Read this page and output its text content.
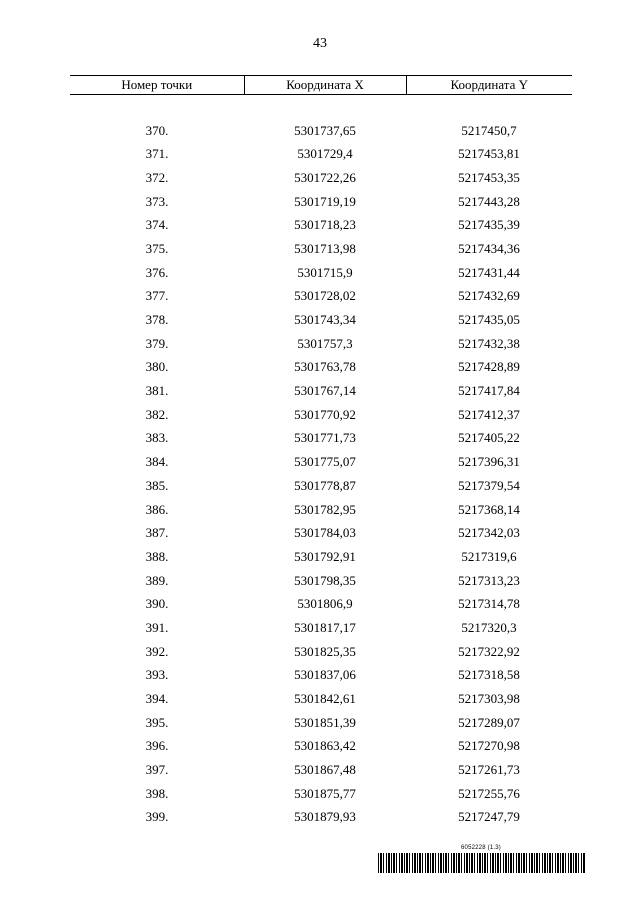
43
Номер точки	Координата X	Координата Y

370.	5301737,65	5217450,7
371.	5301729,4	5217453,81
372.	5301722,26	5217453,35
373.	5301719,19	5217443,28
374.	5301718,23	5217435,39
375.	5301713,98	5217434,36
376.	5301715,9	5217431,44
377.	5301728,02	5217432,69
378.	5301743,34	5217435,05
379.	5301757,3	5217432,38
380.	5301763,78	5217428,89
381.	5301767,14	5217417,84
382.	5301770,92	5217412,37
383.	5301771,73	5217405,22
384.	5301775,07	5217396,31
385.	5301778,87	5217379,54
386.	5301782,95	5217368,14
387.	5301784,03	5217342,03
388.	5301792,91	5217319,6
389.	5301798,35	5217313,23
390.	5301806,9	5217314,78
391.	5301817,17	5217320,3
392.	5301825,35	5217322,92
393.	5301837,06	5217318,58
394.	5301842,61	5217303,98
395.	5301851,39	5217289,07
396.	5301863,42	5217270,98
397.	5301867,48	5217261,73
398.	5301875,77	5217255,76
399.	5301879,93	5217247,79
6052228 (1.3)
